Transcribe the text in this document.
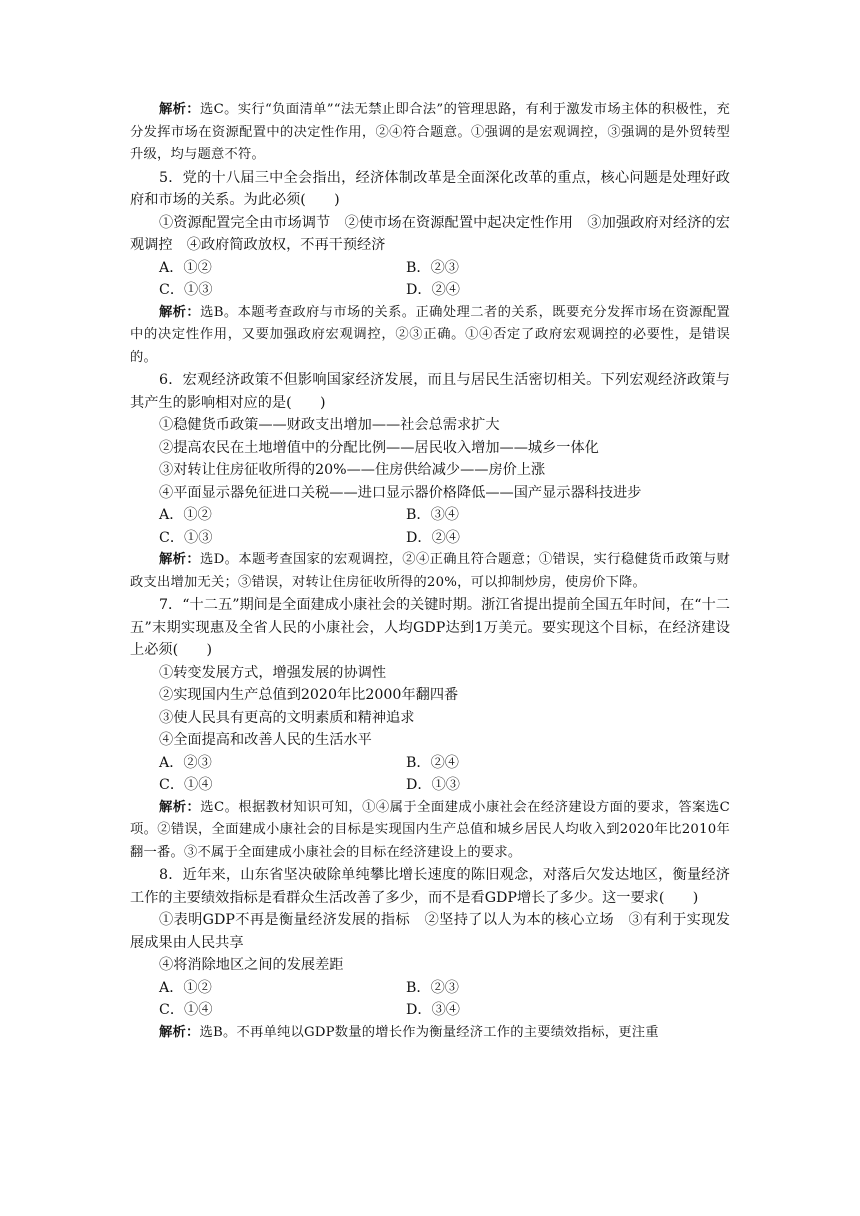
解析：选C。实行“负面清单”“法无禁止即合法”的管理思路，有利于激发市场主体的积极性，充分发挥市场在资源配置中的决定性作用，②④符合题意。①强调的是宏观调控，③强调的是外贸转型升级，均与题意不符。

5．党的十八届三中全会指出，经济体制改革是全面深化改革的重点，核心问题是处理好政府和市场的关系。为此必须(　　)

①资源配置完全由市场调节　②使市场在资源配置中起决定性作用　③加强政府对经济的宏观调控　④政府简政放权，不再干预经济

A．①②	B．②③
C．①③	D．②④

解析：选B。本题考查政府与市场的关系。正确处理二者的关系，既要充分发挥市场在资源配置中的决定性作用，又要加强政府宏观调控，②③正确。①④否定了政府宏观调控的必要性，是错误的。

6．宏观经济政策不但影响国家经济发展，而且与居民生活密切相关。下列宏观经济政策与其产生的影响相对应的是(　　)

①稳健货币政策——财政支出增加——社会总需求扩大

②提高农民在土地增值中的分配比例——居民收入增加——城乡一体化

③对转让住房征收所得的20%——住房供给减少——房价上涨

④平面显示器免征进口关税——进口显示器价格降低——国产显示器科技进步

A．①②	B．③④
C．①③	D．②④

解析：选D。本题考查国家的宏观调控，②④正确且符合题意；①错误，实行稳健货币政策与财政支出增加无关；③错误，对转让住房征收所得的20%，可以抑制炒房，使房价下降。

7．“十二五”期间是全面建成小康社会的关键时期。浙江省提出提前全国五年时间，在“十二五”末期实现惠及全省人民的小康社会，人均GDP达到1万美元。要实现这个目标，在经济建设上必须(　　)

①转变发展方式，增强发展的协调性

②实现国内生产总值到2020年比2000年翻四番

③使人民具有更高的文明素质和精神追求

④全面提高和改善人民的生活水平

A．②③	B．②④
C．①④	D．①③

解析：选C。根据教材知识可知，①④属于全面建成小康社会在经济建设方面的要求，答案选C项。②错误，全面建成小康社会的目标是实现国内生产总值和城乡居民人均收入到2020年比2010年翻一番。③不属于全面建成小康社会的目标在经济建设上的要求。

8．近年来，山东省坚决破除单纯攀比增长速度的陈旧观念，对落后欠发达地区，衡量经济工作的主要绩效指标是看群众生活改善了多少，而不是看GDP增长了多少。这一要求(　　)

①表明GDP不再是衡量经济发展的指标　②坚持了以人为本的核心立场　③有利于实现发展成果由人民共享

④将消除地区之间的发展差距

A．①②	B．②③
C．①④	D．③④

解析：选B。不再单纯以GDP数量的增长作为衡量经济工作的主要绩效指标，更注重
